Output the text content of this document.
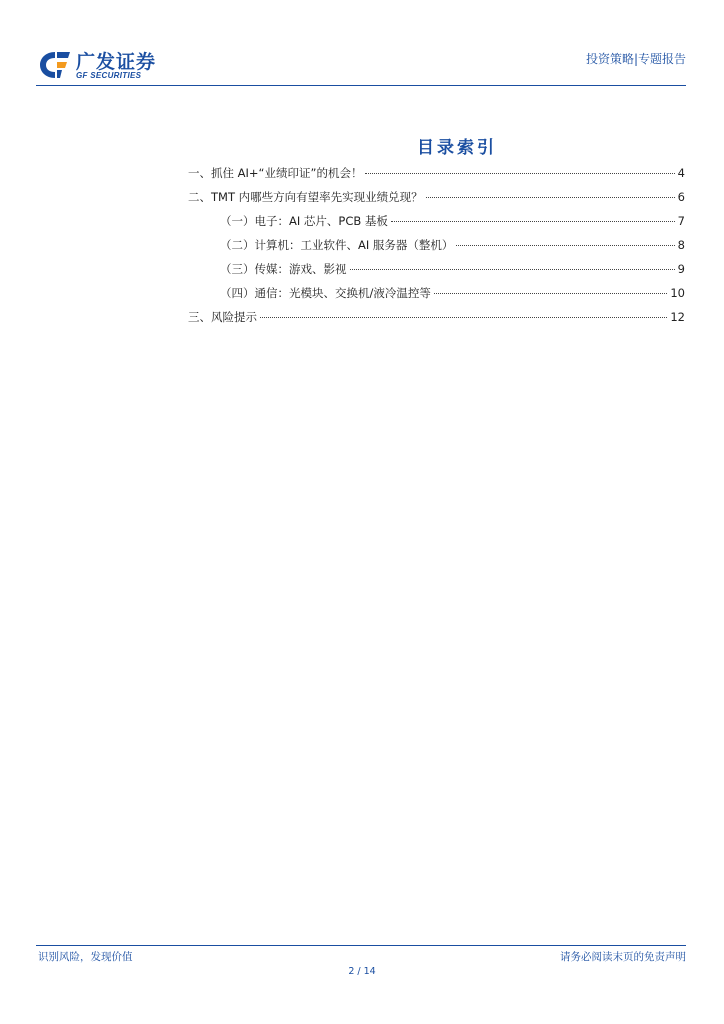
广发证券
GF SECURITIES
投资策略|专题报告
目录索引
一、抓住 AI+“业绩印证”的机会！	4
二、TMT 内哪些方向有望率先实现业绩兑现？	6
（一）电子：AI 芯片、PCB 基板	7
（二）计算机：工业软件、AI 服务器（整机）	8
（三）传媒：游戏、影视	9
（四）通信：光模块、交换机/液冷温控等	10
三、风险提示	12
识别风险，发现价值	请务必阅读末页的免责声明
2 / 14
